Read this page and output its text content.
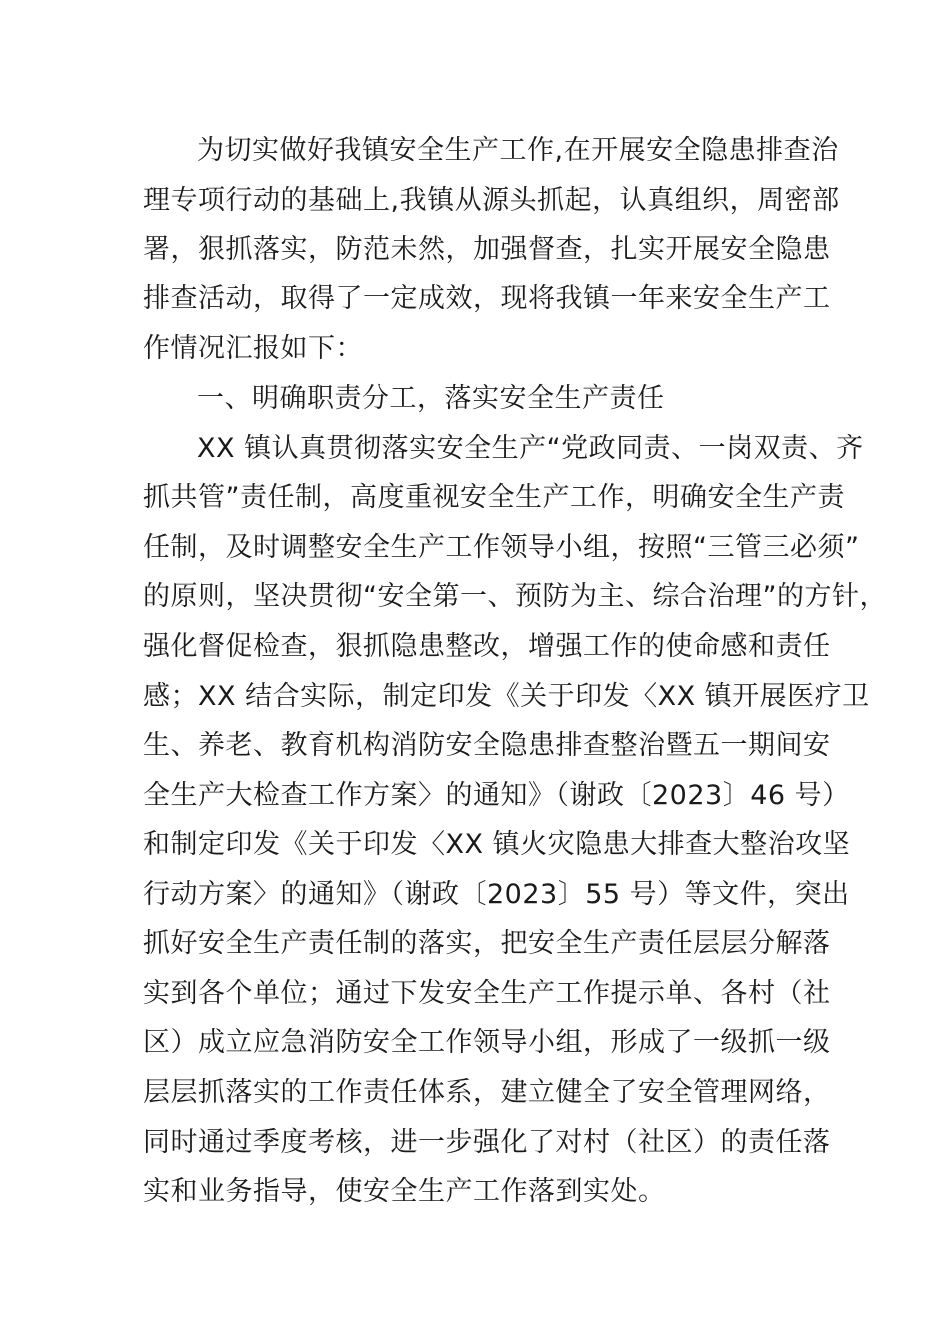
为切实做好我镇安全生产工作,在开展安全隐患排查治
理专项行动的基础上,我镇从源头抓起，认真组织，周密部
署，狠抓落实，防范未然，加强督查，扎实开展安全隐患
排查活动，取得了一定成效，现将我镇一年来安全生产工
作情况汇报如下：
一、明确职责分工，落实安全生产责任
XX 镇认真贯彻落实安全生产“党政同责、一岗双责、齐
抓共管”责任制，高度重视安全生产工作，明确安全生产责
任制，及时调整安全生产工作领导小组，按照“三管三必须”
的原则，坚决贯彻“安全第一、预防为主、综合治理”的方针，
强化督促检查，狠抓隐患整改，增强工作的使命感和责任
感；XX 结合实际，制定印发《关于印发〈XX 镇开展医疗卫
生、养老、教育机构消防安全隐患排查整治暨五一期间安
全生产大检查工作方案〉的通知》（谢政〔2023〕46 号）
和制定印发《关于印发〈XX 镇火灾隐患大排查大整治攻坚
行动方案〉的通知》（谢政〔2023〕55 号）等文件，突出
抓好安全生产责任制的落实，把安全生产责任层层分解落
实到各个单位；通过下发安全生产工作提示单、各村（社
区）成立应急消防安全工作领导小组，形成了一级抓一级
层层抓落实的工作责任体系，建立健全了安全管理网络，
同时通过季度考核，进一步强化了对村（社区）的责任落
实和业务指导，使安全生产工作落到实处。
